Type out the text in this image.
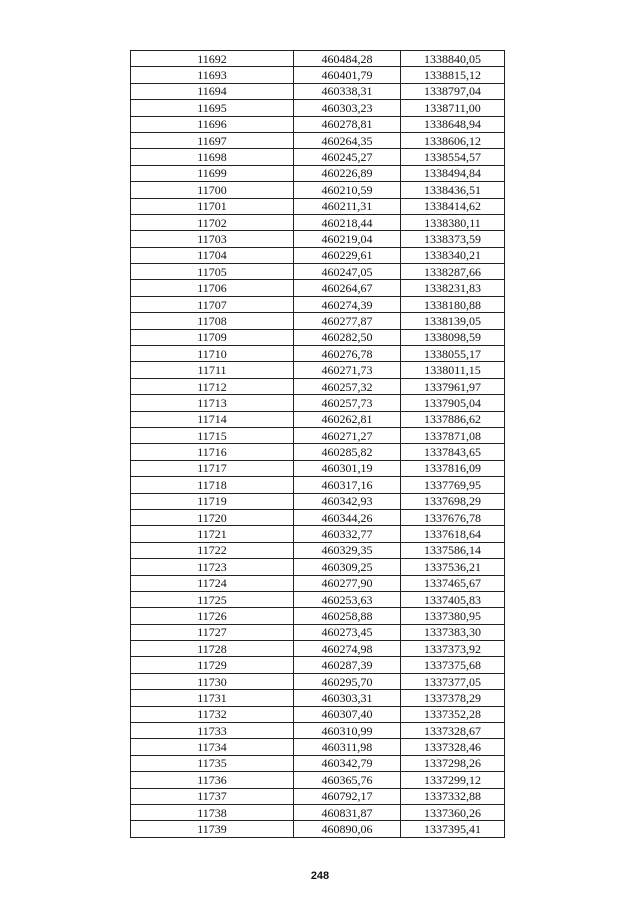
11692	460484,28	1338840,05
11693	460401,79	1338815,12
11694	460338,31	1338797,04
11695	460303,23	1338711,00
11696	460278,81	1338648,94
11697	460264,35	1338606,12
11698	460245,27	1338554,57
11699	460226,89	1338494,84
11700	460210,59	1338436,51
11701	460211,31	1338414,62
11702	460218,44	1338380,11
11703	460219,04	1338373,59
11704	460229,61	1338340,21
11705	460247,05	1338287,66
11706	460264,67	1338231,83
11707	460274,39	1338180,88
11708	460277,87	1338139,05
11709	460282,50	1338098,59
11710	460276,78	1338055,17
11711	460271,73	1338011,15
11712	460257,32	1337961,97
11713	460257,73	1337905,04
11714	460262,81	1337886,62
11715	460271,27	1337871,08
11716	460285,82	1337843,65
11717	460301,19	1337816,09
11718	460317,16	1337769,95
11719	460342,93	1337698,29
11720	460344,26	1337676,78
11721	460332,77	1337618,64
11722	460329,35	1337586,14
11723	460309,25	1337536,21
11724	460277,90	1337465,67
11725	460253,63	1337405,83
11726	460258,88	1337380,95
11727	460273,45	1337383,30
11728	460274,98	1337373,92
11729	460287,39	1337375,68
11730	460295,70	1337377,05
11731	460303,31	1337378,29
11732	460307,40	1337352,28
11733	460310,99	1337328,67
11734	460311,98	1337328,46
11735	460342,79	1337298,26
11736	460365,76	1337299,12
11737	460792,17	1337332,88
11738	460831,87	1337360,26
11739	460890,06	1337395,41
248
